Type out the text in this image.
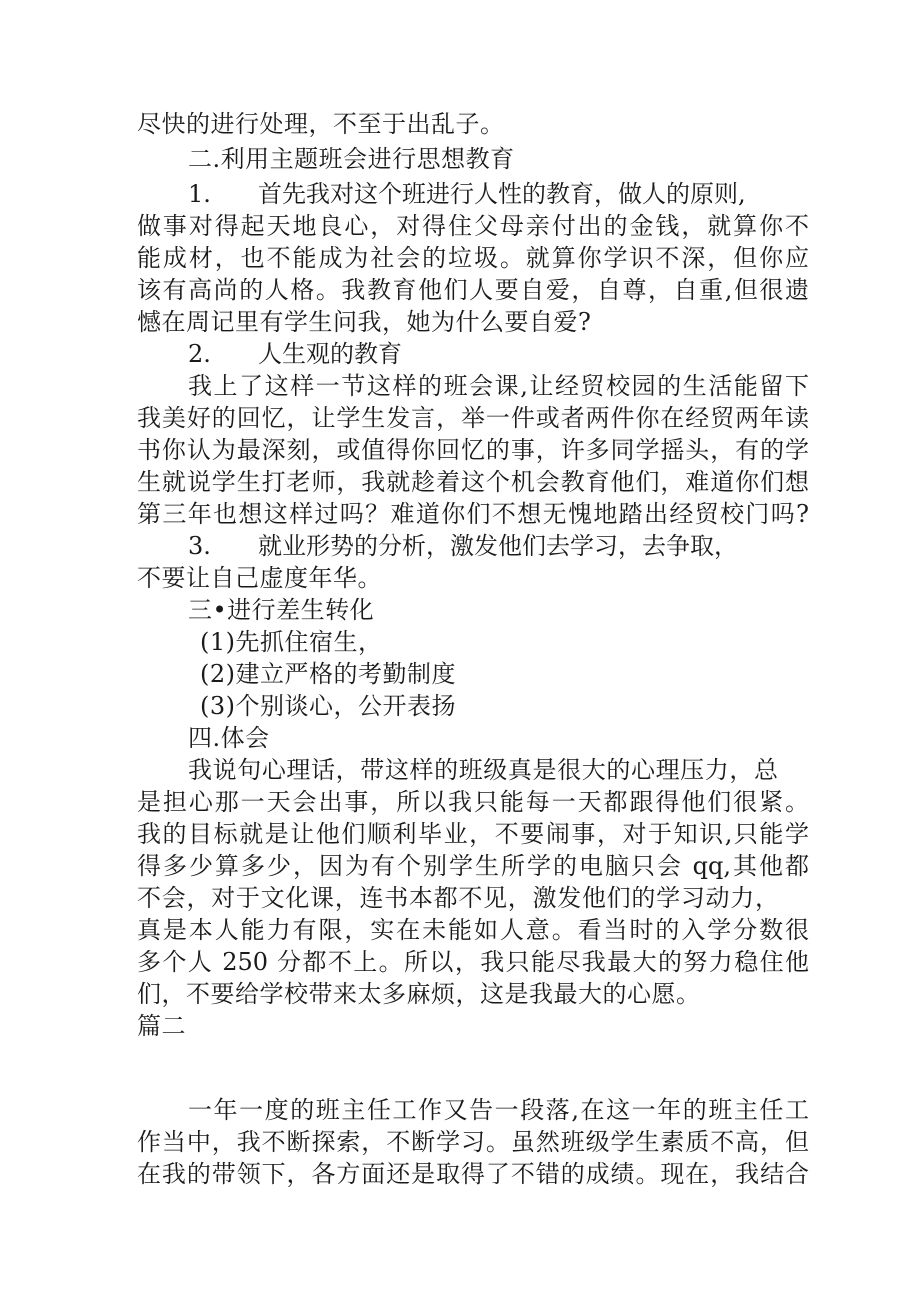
尽快的进行处理，不至于出乱子。
二.利用主题班会进行思想教育
1. 首先我对这个班进行人性的教育，做人的原则,
做事对得起天地良心，对得住父母亲付出的金钱，就算你不
能成材，也不能成为社会的垃圾。就算你学识不深，但你应
该有高尚的人格。我教育他们人要自爱，自尊，自重,但很遗
憾在周记里有学生问我，她为什么要自爱?
2. 人生观的教育
我上了这样一节这样的班会课,让经贸校园的生活能留下
我美好的回忆，让学生发言，举一件或者两件你在经贸两年读
书你认为最深刻，或值得你回忆的事，许多同学摇头，有的学
生就说学生打老师，我就趁着这个机会教育他们，难道你们想
第三年也想这样过吗？难道你们不想无愧地踏出经贸校门吗?
3. 就业形势的分析，激发他们去学习，去争取，
不要让自己虚度年华。
三•进行差生转化
(1)先抓住宿生，
(2)建立严格的考勤制度
(3)个别谈心，公开表扬
四.体会
我说句心理话，带这样的班级真是很大的心理压力，总
是担心那一天会出事，所以我只能每一天都跟得他们很紧。
我的目标就是让他们顺利毕业，不要闹事，对于知识,只能学
得多少算多少，因为有个别学生所学的电脑只会 qq,其他都
不会，对于文化课，连书本都不见，激发他们的学习动力，
真是本人能力有限，实在未能如人意。看当时的入学分数很
多个人 250 分都不上。所以，我只能尽我最大的努力稳住他
们，不要给学校带来太多麻烦，这是我最大的心愿。
篇二
一年一度的班主任工作又告一段落,在这一年的班主任工
作当中，我不断探索，不断学习。虽然班级学生素质不高，但
在我的带领下，各方面还是取得了不错的成绩。现在，我结合
